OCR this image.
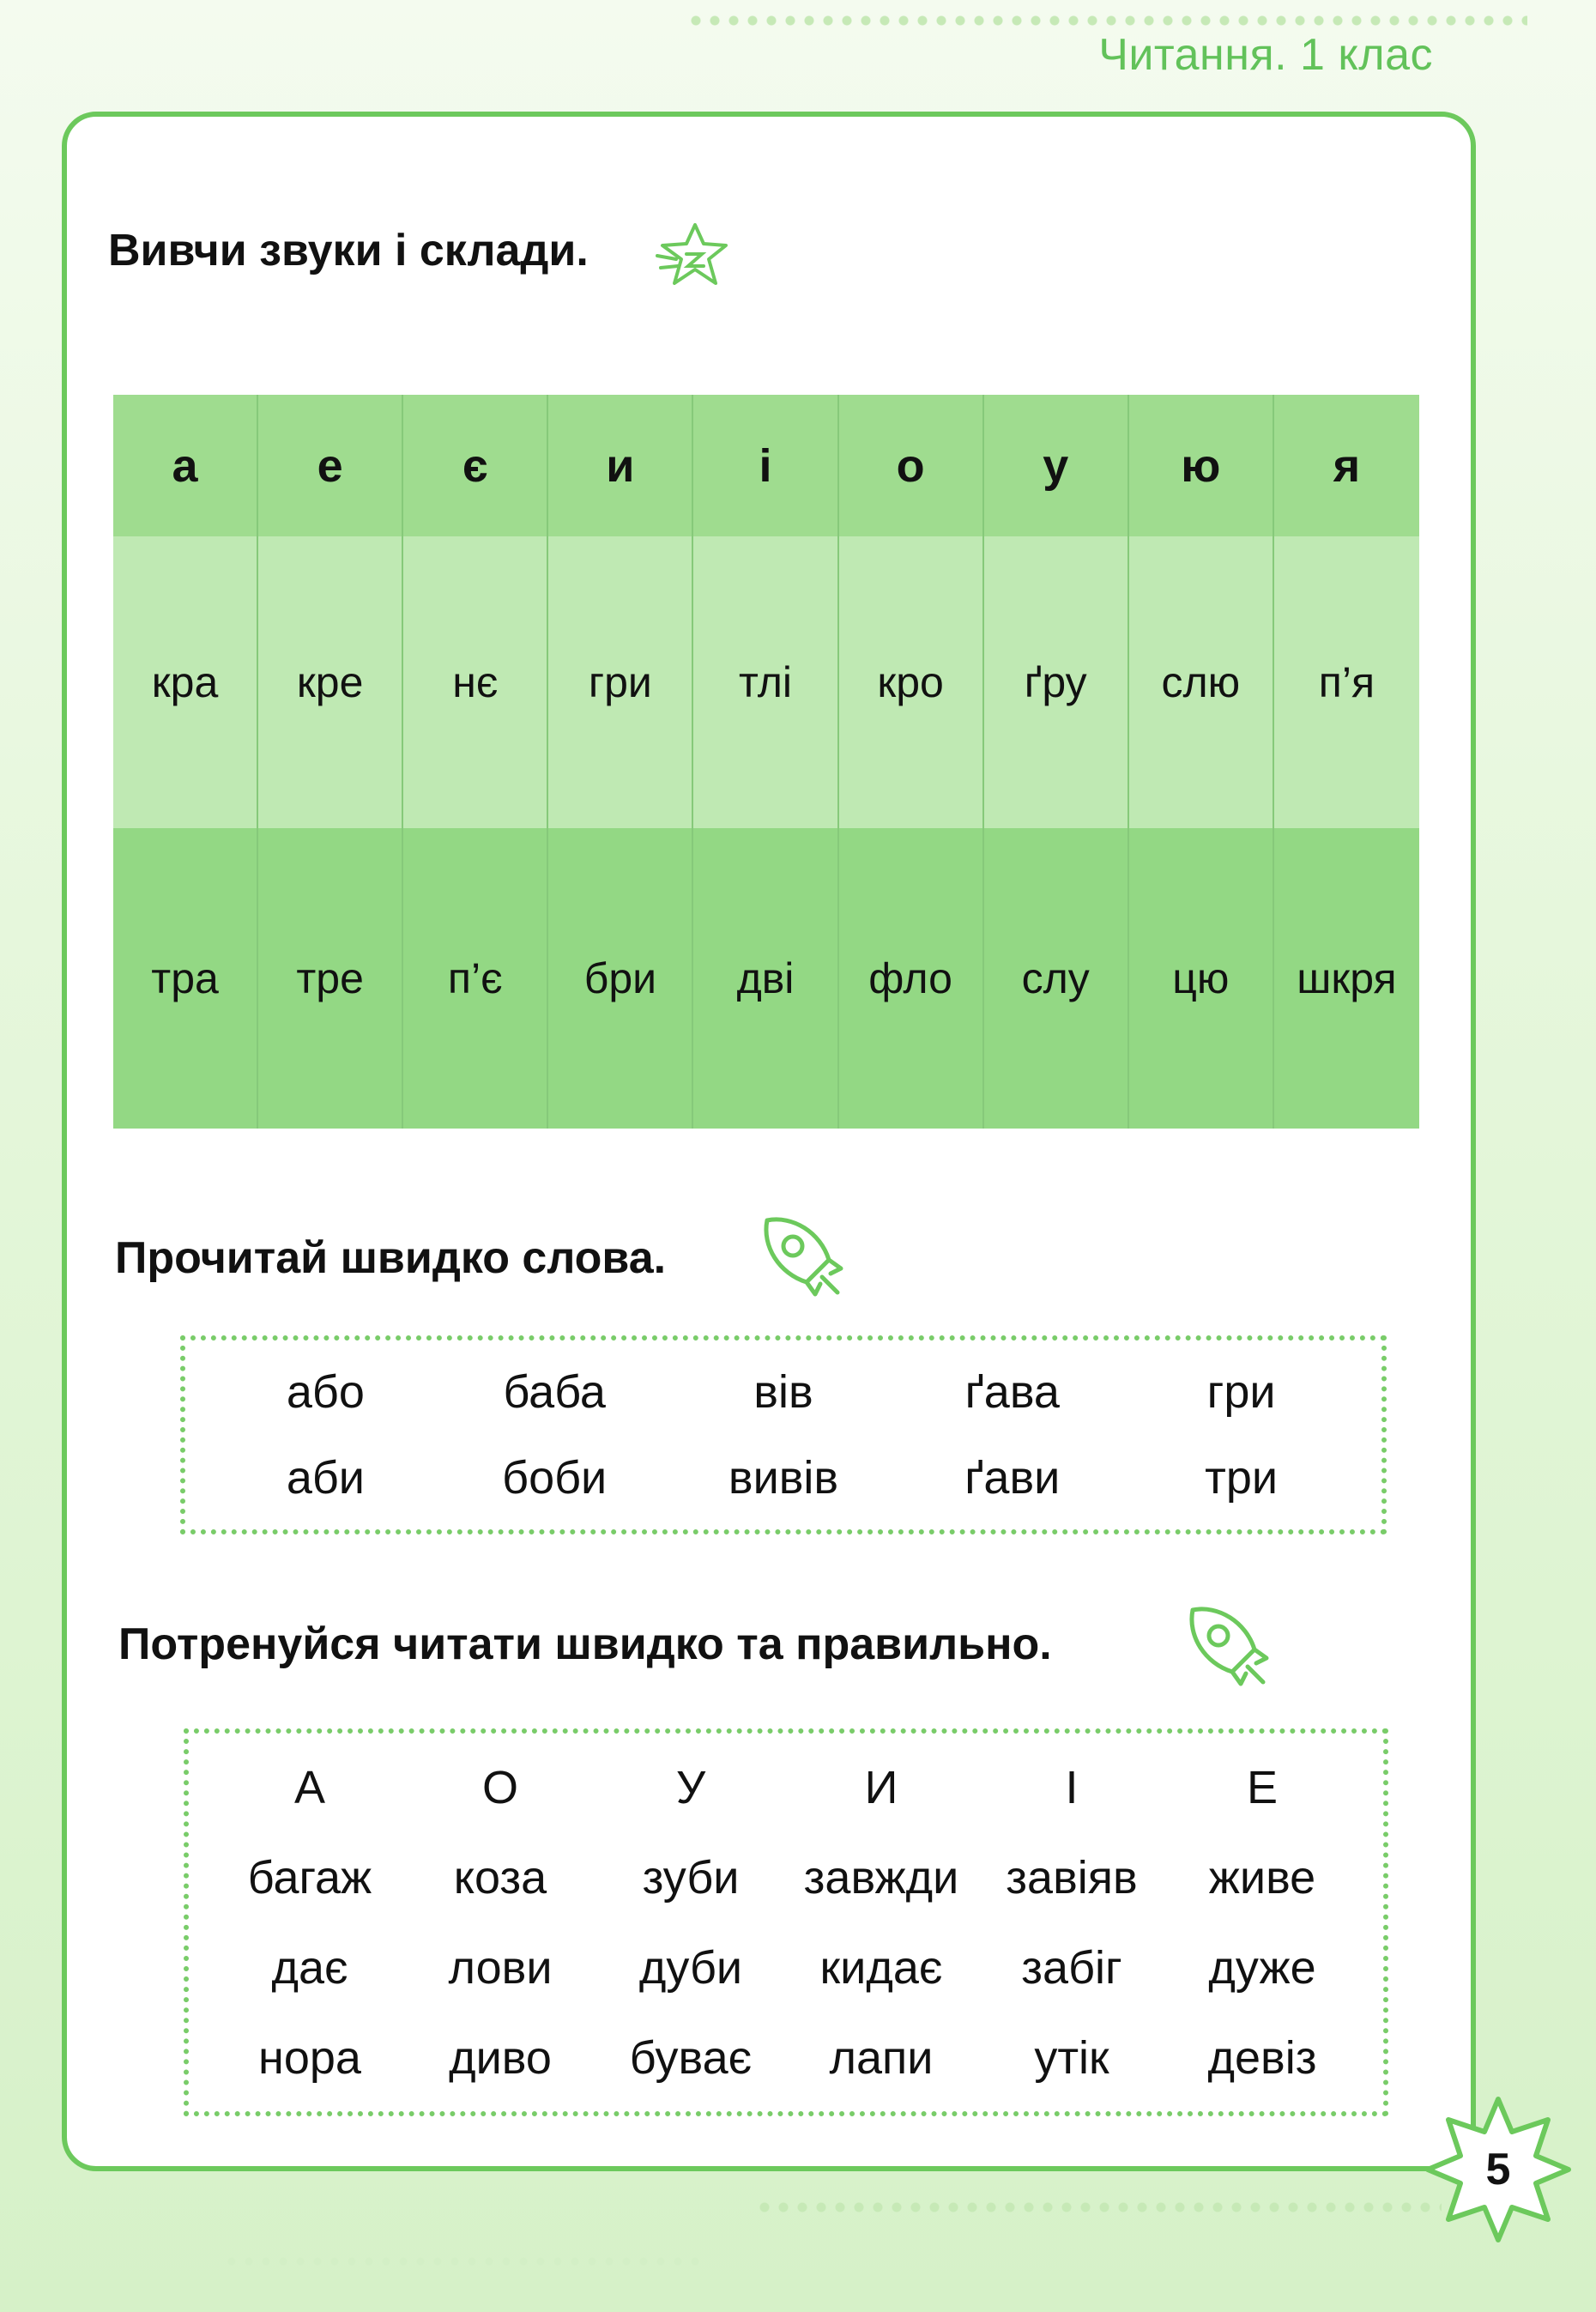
Читання. 1 клас
Вивчи звуки і склади.
а	е	є	и	і	о	у	ю	я
кра	кре	нє	гри	тлі	кро	ґру	слю	п’я
тра	тре	п’є	бри	дві	фло	слу	цю	шкря
Прочитай швидко слова.
або	баба	вів	ґава	гри
аби	боби	вивів	ґави	три
Потренуйся читати швидко та правильно.
А	О	У	И	І	Е
багаж	коза	зуби	завжди	завіяв	живе
дає	лови	дуби	кидає	забіг	дуже
нора	диво	буває	лапи	утік	девіз
5
